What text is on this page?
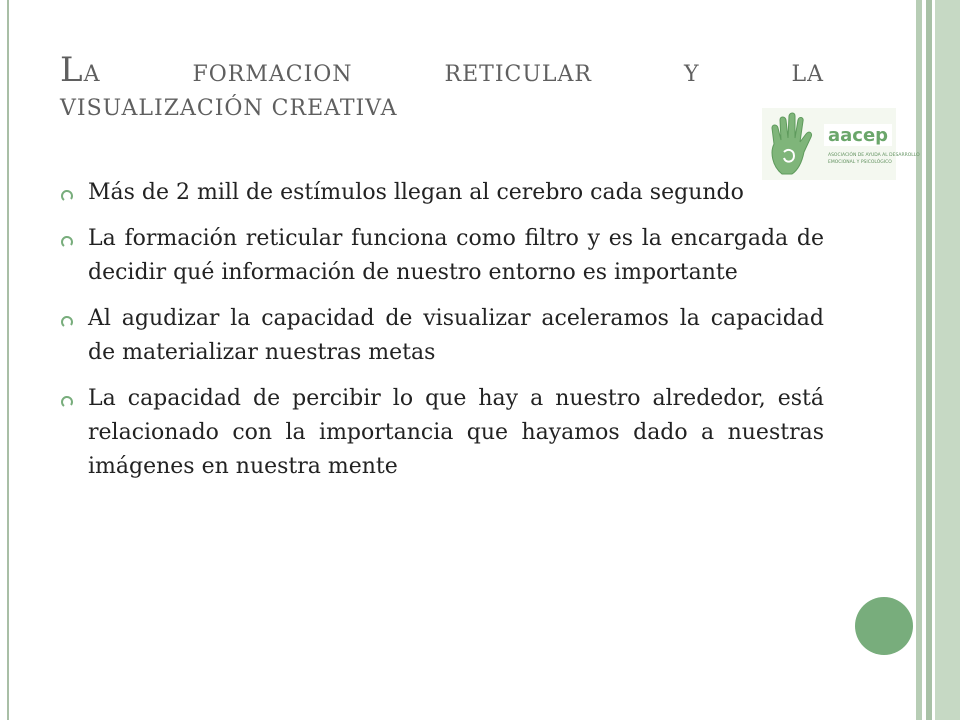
LA	FORMACION	RETICULAR	Y	LA
VISUALIZACIÓN CREATIVA
aacep
ASOCIACIÓN DE AYUDA AL DESARROLLO
EMOCIONAL Y PSICOLÓGICO
Más de 2 mill de estímulos llegan al cerebro cada segundo
La formación reticular funciona como filtro y es la encargada de decidir qué información de nuestro entorno es importante
Al agudizar la capacidad de visualizar aceleramos la capacidad de materializar nuestras metas
La capacidad de percibir lo que hay a nuestro alrededor, está relacionado con la importancia que hayamos dado a nuestras imágenes en nuestra mente
